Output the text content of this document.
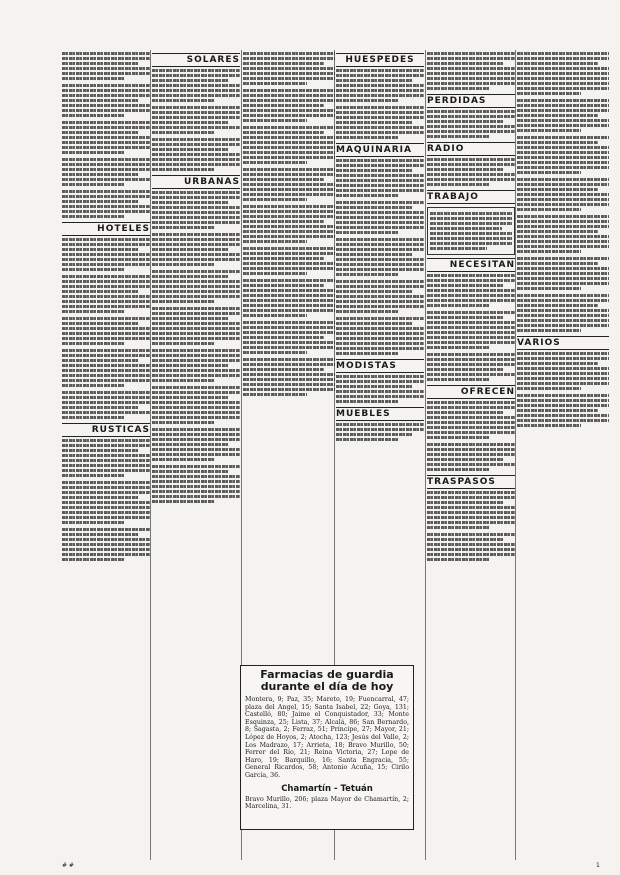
HOTELES
RUSTICAS
SOLARES
URBANAS
HUESPEDES
MAQUINARIA
MODISTAS
MUEBLES
PERDIDAS
RADIO
TRABAJO
NECESITAN
OFRECEN
TRASPASOS
VARIOS
Farmacias de guardia durante el día de hoy

Montera, 9; Paz, 35; Mareto, 19; Fuencarral, 47; plaza del Angel, 15; Santa Isabel, 22; Goya, 131; Castelló, 80; Jaime el Conquistador, 33; Monte Esquinza, 25; Lista, 37; Alcalá, 86; San Bernardo, 8; Sagasta, 2; Ferraz, 51; Príncipe, 27; Mayor, 21; López de Hoyos, 2; Atocha, 123; Jesús del Valle, 2; Los Madrazo, 17; Arrieta, 18; Bravo Murillo, 50; Ferrer del Río, 21; Reina Victoria, 27; Lope de Haro, 19; Barquillo, 16; Santa Engracia, 55; General Ricardos, 58; Antonio Acuña, 15; Cirilo García, 36.

Chamartín - Tetuán

Bravo Murillo, 206; plaza Mayor de Chamartín, 2; Marcelina, 31.

# #	1
